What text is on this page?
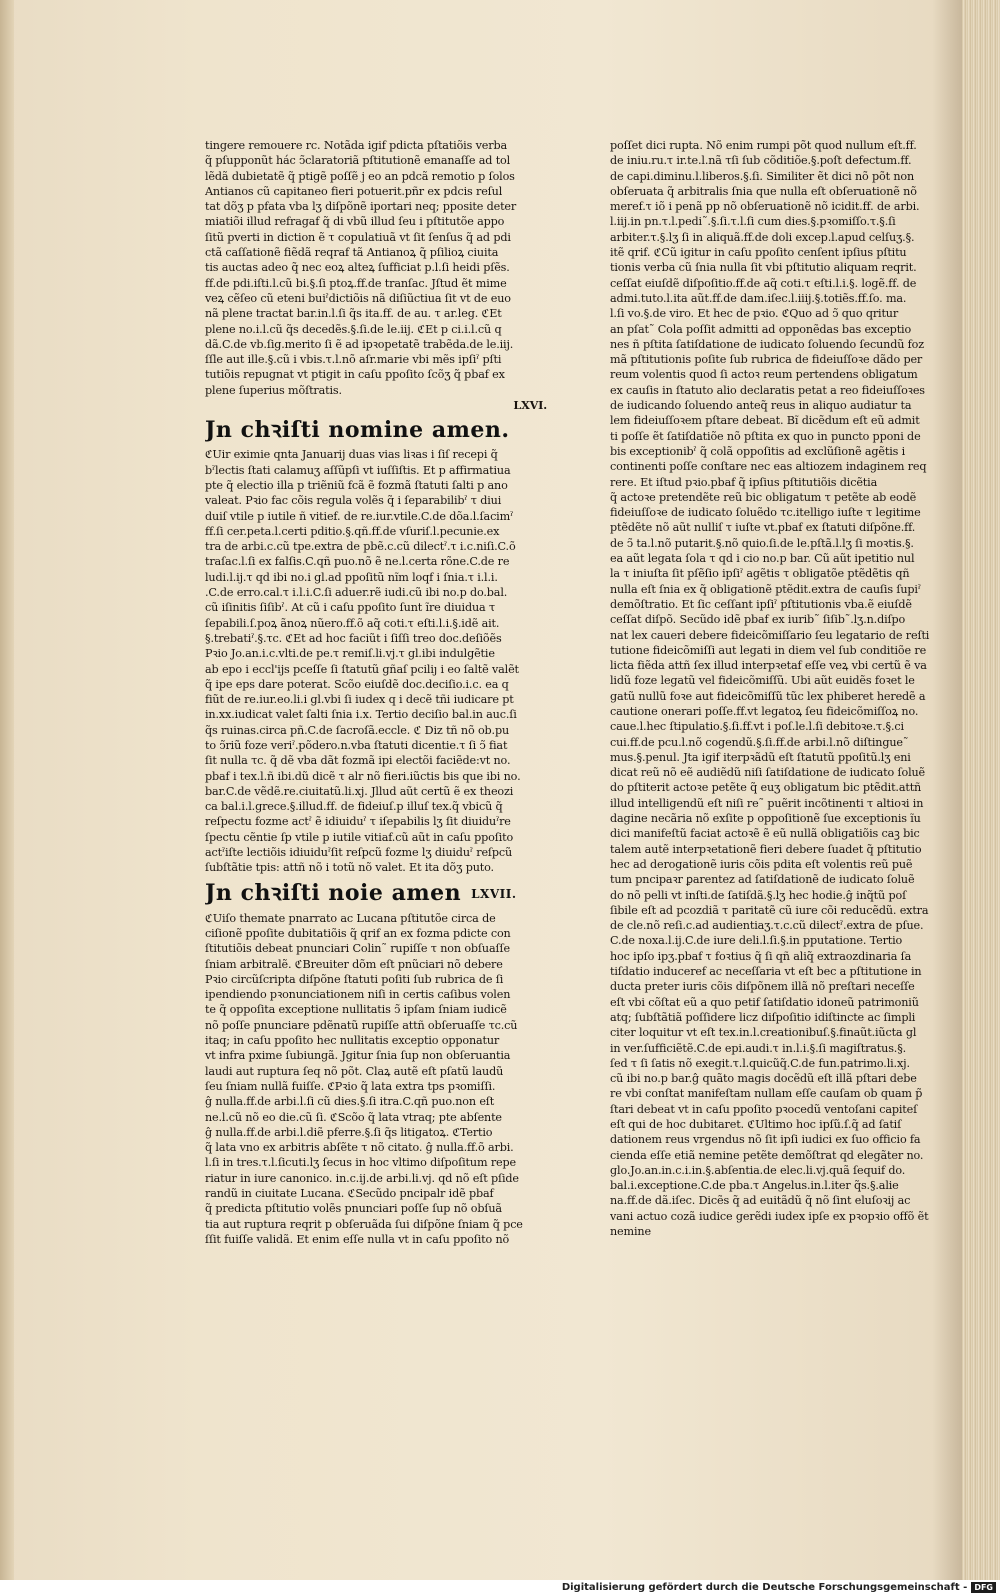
tingere remouere rc. Notãda igif pdicta pſtatiõis verba
q̃ pſupponũt hác ↄ̃claratoriã pſtitutionẽ emanaſſe ad tol
lẽdã dubietatẽ q̃ ptigẽ poſſẽ j eo an pdcã remotio p ſolos
Antianos cũ capitaneo fieri potuerit.pñr ex pdcis reſul
tat dõʒ p pfata vba lʒ diſpõnẽ iportari neq; pposite deter
miatiõi illud refragaf q̃ di vbũ illud ſeu i pſtitutõe appo
ſitũ pverti in diction ẽ τ copulatiuã vt ſit ſenſus q̃ ad pdi
ctã caſſationẽ fiẽdã reqraf tã Antianoꝝ q̃ pſilioꝝ ciuita
tis auctas adeo q̃ nec eoꝝ alteꝝ ſufficiat p.l.ſi heidi pſẽs.
ff.de pdi.iſti.l.cũ bi.§.ſi ptoꝝ.ff.de tranſac. Jſtud ẽt mime
veꝝ cẽſeo cũ eteni buiˀdictiõis nã diſiũctiua ſit vt de euo
nã plene tractat bar.in.l.ſi q̃s ita.ff. de au. τ ar.leg. ℭEt
plene no.i.l.cũ q̃s decedẽs.§.ſi.de le.iij. ℭEt p ci.i.l.cũ q
dã.C.de vb.ſig.merito ſi ẽ ad ipꝛopetatẽ trabẽda.de le.iij.
ſſle aut ille.§.cũ i vbis.τ.l.nõ aſr.marie vbi mẽs ipſiˀ pſti
tutiõis repugnat vt ptigit in caſu ppoſito ſcõʒ q̃ pbaf ex
plene ſuperius mõſtratis.
LXVI.
Jn chꝛiſti nomine amen.
ℭUir eximie qnta Januarij duas vias liꝛas i ſiſ recepi q̃
bˀlectis ſtati calamuʒ aſſũpſi vt iuſſiſtis. Et p affirmatiua
pte q̃ electio illa p triẽniũ fcã ẽ fozmã ſtatuti ſalti p ano
valeat. Pꝛio fac cõis regula volẽs q̃ i ſeparabilibˀ τ diui
duiſ vtile p iutile ñ vitief. de re.iur.vtile.C.de dõa.l.ſacimˀ
ff.ſi cer.peta.l.certi pditio.§.qñ.ff.de vſuriſ.l.pecunie.ex
tra de arbi.c.cũ tpe.extra de pbẽ.c.cũ dilectˀ.τ i.c.niſi.C.õ
traſac.l.ſi ex falſis.C.qñ puo.nõ ẽ ne.l.certa rõne.C.de re
ludi.l.ij.τ qd ibi no.i gl.ad ppoſitũ nĩm loqf i ſnia.τ i.l.i.
.C.de erro.cal.τ i.l.i.C.ſi aduer.rẽ iudi.cũ ibi no.p do.bal.
cũ iſinitis ſiſibˀ. At cũ i caſu ppoſito ſunt ĩre diuidua τ
ſepabili.ſ.poꝝ ãnoꝝ nũero.ff.õ aq̃ coti.τ eſti.l.i.§.idẽ ait.
§.trebatiˀ.§.τc. ℭEt ad hoc faciũt i ſiſſi treo doc.deſiõẽs
Pꝛio Jo.an.i.c.vlti.de pe.τ remiſ.li.vj.τ gl.ibi indulgẽtie
ab epo i eccl'ijs pceſſe ſi ſtatutũ gñaſ pciliȷ i eo ſaltẽ valẽt
q̃ ipe eps dare poterat. Scõo eiuſdẽ doc.deciſio.i.c. ea q
fiũt de re.iur.eo.li.i gl.vbi ſi iudex q i decẽ tñi iudicare pt
in.xx.iudicat valet ſalti ſnia i.x. Tertio deciſio bal.in auc.ſi
q̃s ruinas.circa pñ.C.de ſacroſã.eccle. ℭ Diz tñ nõ ob.pu
to ↄ̃riũ foze veriˀ.põdero.n.vba ſtatuti dicentie.τ ſi ↄ̃ fiat
ſit nulla τc. q̃ dẽ vba dãt fozmã ipi electõi faciẽde:vt no.
pbaf i tex.l.ñ ibi.dũ dicẽ τ alr nõ fieri.iũctis bis que ibi no.
bar.C.de vẽdẽ.re.ciuitatũ.li.xj. Jllud aũt certũ ẽ ex theozi
ca bal.i.l.grece.§.illud.ff. de fideiuſ.p illuſ tex.q̃ vbicũ q̃
reſpectu fozme actˀ ẽ idiuiduˀ τ iſepabilis lʒ ſit diuiduˀre
ſpectu cẽntie ſp vtile p iutile vitiaf.cũ aũt in caſu ppoſito
actˀiſte lectiõis idiuiduˀſit reſpcũ fozme lʒ diuiduˀ reſpcũ
ſubſtãtie tpis: attñ nõ i totũ nõ valet. Et ita dõʒ puto.
Jn chꝛiſti noie amen LXVII.
ℭUiſo themate pnarrato ac Lucana pſtitutõe circa de
ciſionẽ ppoſite dubitatiõis q̃ qrif an ex fozma pdicte con
ſtitutiõis debeat pnunciari Colin˜ rupiſſe τ non obſuaſſe
ſniam arbitralẽ. ℭBreuiter dõm eſt pnũciari nõ debere
Pꝛio circũſcripta diſpõne ſtatuti poſiti ſub rubrica de ſi
ipendiendo pꝛonunciationem niſi in certis caſibus volen
te q̃ oppoſita exceptione nullitatis ↄ̃ ipſam ſniam iudicẽ
nõ poſſe pnunciare pdẽnatũ rupiſſe attñ obſeruaſſe τc.cũ
itaq; in caſu ppoſito hec nullitatis exceptio opponatur
vt infra pxime ſubiungã. Jgitur ſnia ſup non obſeruantia
laudi aut ruptura ſeq nõ põt. Claꝝ autẽ eſt pſatũ laudũ
ſeu ſniam nullã fuiſſe. ℭPꝛio q̃ lata extra tps pꝛomiſſi.
ĝ nulla.ff.de arbi.l.ſi cũ dies.§.ſi itra.C.qñ puo.non eſt
ne.l.cũ nõ eo die.cũ ſi. ℭScõo q̃ lata vtraq; pte abſente
ĝ nulla.ff.de arbi.l.diẽ pferre.§.ſi q̃s litigatoꝝ. ℭTertio
q̃ lata vno ex arbitris abſẽte τ nõ citato. ĝ nulla.ff.õ arbi.
l.ſi in tres.τ.l.ſicuti.lʒ ſecus in hoc vltimo diſpoſitum repe
riatur in iure canonico. in.c.ij.de arbi.li.vj. qd nõ eſt pſide
randũ in ciuitate Lucana. ℭSecũdo pncipalr idẽ pbaf
q̃ predicta pſtitutio volẽs pnunciari poſſe ſup nõ obſuã
tia aut ruptura reqrit p obſeruãda ſui diſpõne ſniam q̃ pce
ſſit fuiſſe validã. Et enim eſſe nulla vt in caſu ppoſito nõ
poſſet dici rupta. Nõ enim rumpi põt quod nullum eſt.ff.
de iniu.ru.τ ir.te.l.nã τſi ſub cõditiõe.§.poſt defectum.ff.
de capi.diminu.l.liberos.§.ſi. Similiter ẽt dici nõ põt non
obſeruata q̃ arbitralis ſnia que nulla eſt obſeruationẽ nõ
meref.τ iõ i penã pp nõ obſeruationẽ nõ icidit.ff. de arbi.
l.iij.in pn.τ.l.pedi˜.§.ſi.τ.l.ſi cum dies.§.pꝛomiſſo.τ.§.ſi
arbiter.τ.§.lʒ ſi in aliquã.ff.de doli excep.l.apud celſuʒ.§.
itẽ qrif. ℭCũ igitur in caſu ppoſito cenſent ipſius pſtitu
tionis verba cũ ſnia nulla ſit vbi pſtitutio aliquam reqrit.
ceſſat eiuſdẽ diſpoſitio.ff.de aq̃ coti.τ eſti.l.i.§. logẽ.ff. de
admi.tuto.l.ita aũt.ff.de dam.iſec.l.iiij.§.totiẽs.ff.ſo. ma.
l.ſi vo.§.de viro. Et hec de pꝛio. ℭQuo ad ↄ̃ quo qritur
an pſat˜ Cola poſſit admitti ad opponẽdas bas exceptio
nes ñ pſtita ſatiſdatione de iudicato ſoluendo ſecundũ foz
mã pſtitutionis poſite ſub rubrica de fideiuſſoꝛe dãdo per
reum volentis quod ſi actoꝛ reum pertendens obligatum
ex cauſis in ſtatuto alio declaratis petat a reo fideiuſſoꝛes
de iudicando ſoluendo anteq̃ reus in aliquo audiatur ta
lem fideiuſſoꝛem pſtare debeat. Bĩ dicẽdum eſt eũ admit
ti poſſe ẽt ſatiſdatiõe nõ pſtita ex quo in puncto pponi de
bis exceptionibˀ q̃ colã oppoſitis ad exclũſionẽ agẽtis i
continenti poſſe conſtare nec eas altiozem indaginem req
rere. Et iſtud pꝛio.pbaf q̃ ipſius pſtitutiõis dicẽtia
q̃ actoꝛe pretendẽte reũ bic obligatum τ petẽte ab eodẽ
fideiuſſoꝛe de iudicato ſoluẽdo τc.itelligo iuſte τ legitime
ptẽdẽte nõ aũt nulliſ τ iuſte vt.pbaf ex ſtatuti diſpõne.ff.
de ↄ̃ ta.l.nõ putarit.§.nõ quio.ſi.de le.pſtã.l.lʒ ſi moꝛtis.§.
ea aũt legata ſola τ qd i cio no.p bar. Cũ aũt ipetitio nul
la τ iniuſta ſit pſẽſio ipſiˀ agẽtis τ obligatõe ptẽdẽtis qñ
nulla eſt ſnia ex q̃ obligationẽ ptẽdit.extra de cauſis ſupiˀ
demõſtratio. Et ſic ceſſant ipſiˀ pſtitutionis vba.ẽ eiuſdẽ
ceſſat diſpõ. Secũdo idẽ pbaf ex iurib˜ ſiſib˜.lʒ.n.diſpo
nat lex caueri debere fideicõmiſſario ſeu legatario de reſti
tutione fideicõmiſſi aut legati in diem vel ſub conditiõe re
licta fiẽda attñ ſex illud interpꝛetaf eſſe veꝝ vbi certũ ẽ va
lidũ foze legatũ vel fideicõmiſſũ. Ubi aũt euidẽs foꝛet le
gatũ nullũ foꝛe aut fideicõmiſſũ tũc lex phiberet heredẽ a
cautione onerari poſſe.ff.vt legatoꝝ ſeu fideicõmiſſoꝝ no.
caue.l.hec ſtipulatio.§.ſi.ff.vt i poſ.le.l.ſi debitoꝛe.τ.§.ci
cui.ff.de pcu.l.nõ cogendũ.§.ſi.ff.de arbi.l.nõ diſtingue˜
mus.§.penul. Jta igif iterpꝛãdũ eſt ſtatutũ ppoſitũ.lʒ eni
dicat reũ nõ eẽ audiẽdũ niſi ſatiſdatione de iudicato ſoluẽ
do pſtiterit actoꝛe petẽte q̃ euʒ obligatum bic ptẽdit.attñ
illud intelligendũ eſt niſi re˜ puẽrit incõtinenti τ altioꝛi in
dagine necãria nõ exſite p oppoſitionẽ ſue exceptionis ĩu
dici manifeſtũ faciat actoꝛẽ ẽ eũ nullã obligatiõis caꝫ bic
talem autẽ interpꝛetationẽ fieri debere ſuadet q̃ pſtitutio
hec ad derogationẽ iuris cõis pdita eſt volentis reũ puẽ
tum pncipaꝛr ꝑarentez ad ſatiſdationẽ de iudicato ſoluẽ
do nõ pelli vt inſti.de ſatiſdã.§.lʒ hec hodie.ĝ inq̃tũ poſ
ſibile eſt ad pcozdiã τ paritatẽ cũ iure cõi reducẽdũ. extra
de cle.nõ reſi.c.ad audientiaʒ.τ.c.cũ dilectˀ.extra de pſue.
C.de noxa.l.ij.C.de iure deli.l.ſi.§.in pputatione. Tertio
hoc ipſo ipʒ.pbaf τ foꝛtius q̃ ſi qñ aliq̃ extraozdinaria ſa
tiſdatio induceref ac neceſſaria vt eſt bec a pſtitutione in
ducta preter iuris cõis diſpõnem illã nõ preſtari neceſſe
eſt vbi cõſtat eũ a quo petif ſatiſdatio idoneũ patrimoniũ
atq; ſubſtãtiã poſſidere licz diſpoſitio idiſtincte ac ſimpli
citer loquitur vt eſt tex.in.l.creationibuſ.§.finaũt.iũcta gl
in ver.ſufficiẽtẽ.C.de epi.audi.τ in.l.i.§.ſi magiſtratus.§.
ſed τ ſi ſatis nõ exegit.τ.l.quicũq̃.C.de fun.patrimo.li.xj.
cũ ibi no.p bar.ĝ quãto magis docẽdũ eſt illã pſtari debe
re vbi conſtat manifeſtam nullam eſſe cauſam ob quam p̃
ſtari debeat vt in caſu ppoſito pꝛocedũ ventoſani capiteſ
eſt qui de hoc dubitaret. ℭUltimo hoc ipſũ.ſ.q̃ ad ſatiſ
dationem reus vrgendus nõ ſit ipſi iudici ex ſuo officio fa
cienda eſſe etiã nemine petẽte demõſtrat qd elegãter no.
glo.Jo.an.in.c.i.in.§.abſentia.de elec.li.vj.quã ſequif do.
bal.i.exceptione.C.de pba.τ Angelus.in.l.iter q̃s.§.alie
na.ff.de dã.iſec. Dicẽs q̃ ad euitãdũ q̃ nõ ſint eluſoꝛij ac
vani actuo cozã iudice gerẽdi iudex ipſe ex pꝛopꝛio offõ ẽt
nemine
Digitalisierung gefördert durch die Deutsche Forschungsgemeinschaft - DFG
